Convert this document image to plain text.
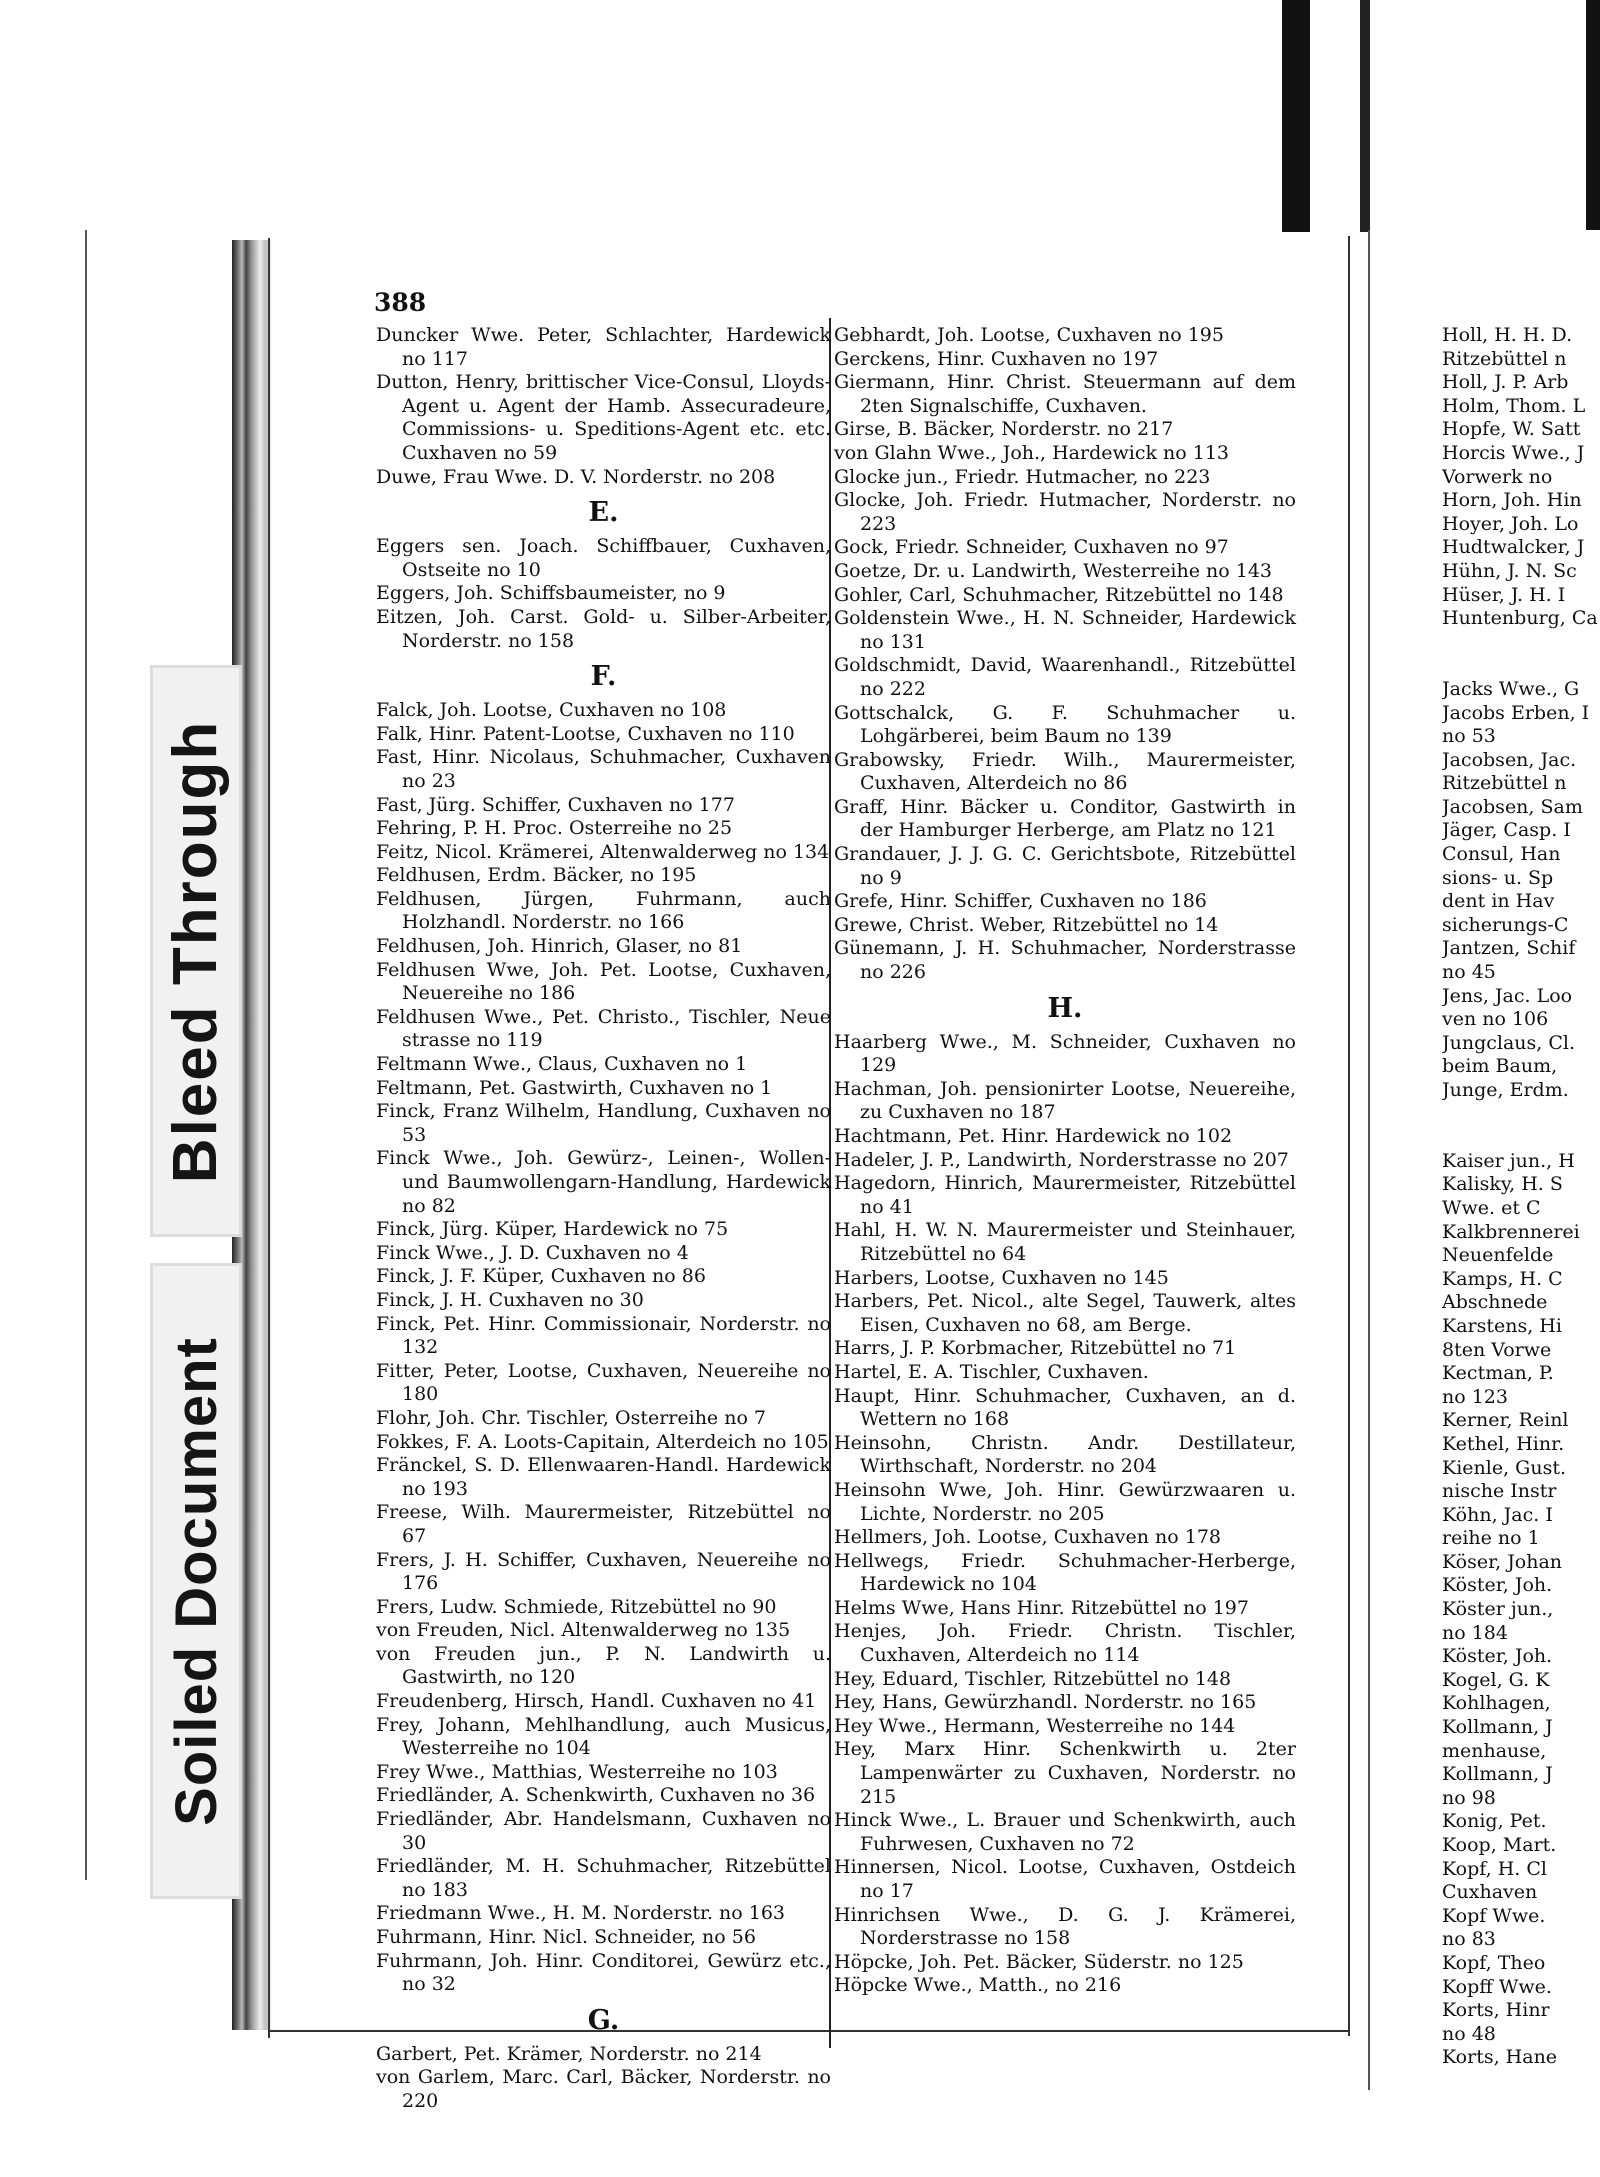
Bleed Through
Soiled Document
388
Duncker Wwe. Peter, Schlachter, Hardewick no 117
Dutton, Henry, brittischer Vice-Consul, Lloyds-Agent u. Agent der Hamb. Assecuradeure, Commissions- u. Speditions-Agent etc. etc. Cuxhaven no 59
Duwe, Frau Wwe. D. V. Norderstr. no 208
E.
Eggers sen. Joach. Schiffbauer, Cuxhaven, Ostseite no 10
Eggers, Joh. Schiffsbaumeister, no 9
Eitzen, Joh. Carst. Gold- u. Silber-Arbeiter, Norderstr. no 158
F.
Falck, Joh. Lootse, Cuxhaven no 108
Falk, Hinr. Patent-Lootse, Cuxhaven no 110
Fast, Hinr. Nicolaus, Schuhmacher, Cuxhaven no 23
Fast, Jürg. Schiffer, Cuxhaven no 177
Fehring, P. H. Proc. Osterreihe no 25
Feitz, Nicol. Krämerei, Altenwalderweg no 134
Feldhusen, Erdm. Bäcker, no 195
Feldhusen, Jürgen, Fuhrmann, auch Holzhandl. Norderstr. no 166
Feldhusen, Joh. Hinrich, Glaser, no 81
Feldhusen Wwe, Joh. Pet. Lootse, Cuxhaven, Neuereihe no 186
Feldhusen Wwe., Pet. Christo., Tischler, Neue strasse no 119
Feltmann Wwe., Claus, Cuxhaven no 1
Feltmann, Pet. Gastwirth, Cuxhaven no 1
Finck, Franz Wilhelm, Handlung, Cuxhaven no 53
Finck Wwe., Joh. Gewürz-, Leinen-, Wollen- und Baumwollengarn-Handlung, Hardewick no 82
Finck, Jürg. Küper, Hardewick no 75
Finck Wwe., J. D. Cuxhaven no 4
Finck, J. F. Küper, Cuxhaven no 86
Finck, J. H. Cuxhaven no 30
Finck, Pet. Hinr. Commissionair, Norderstr. no 132
Fitter, Peter, Lootse, Cuxhaven, Neuereihe no 180
Flohr, Joh. Chr. Tischler, Osterreihe no 7
Fokkes, F. A. Loots-Capitain, Alterdeich no 105
Fränckel, S. D. Ellenwaaren-Handl. Hardewick no 193
Freese, Wilh. Maurermeister, Ritzebüttel no 67
Frers, J. H. Schiffer, Cuxhaven, Neuereihe no 176
Frers, Ludw. Schmiede, Ritzebüttel no 90
von Freuden, Nicl. Altenwalderweg no 135
von Freuden jun., P. N. Landwirth u. Gastwirth, no 120
Freudenberg, Hirsch, Handl. Cuxhaven no 41
Frey, Johann, Mehlhandlung, auch Musicus, Westerreihe no 104
Frey Wwe., Matthias, Westerreihe no 103
Friedländer, A. Schenkwirth, Cuxhaven no 36
Friedländer, Abr. Handelsmann, Cuxhaven no 30
Friedländer, M. H. Schuhmacher, Ritzebüttel no 183
Friedmann Wwe., H. M. Norderstr. no 163
Fuhrmann, Hinr. Nicl. Schneider, no 56
Fuhrmann, Joh. Hinr. Conditorei, Gewürz etc., no 32
G.
Garbert, Pet. Krämer, Norderstr. no 214
von Garlem, Marc. Carl, Bäcker, Norderstr. no 220
Gebhardt, Joh. Lootse, Cuxhaven no 195
Gerckens, Hinr. Cuxhaven no 197
Giermann, Hinr. Christ. Steuermann auf dem 2ten Signalschiffe, Cuxhaven.
Girse, B. Bäcker, Norderstr. no 217
von Glahn Wwe., Joh., Hardewick no 113
Glocke jun., Friedr. Hutmacher, no 223
Glocke, Joh. Friedr. Hutmacher, Norderstr. no 223
Gock, Friedr. Schneider, Cuxhaven no 97
Goetze, Dr. u. Landwirth, Westerreihe no 143
Gohler, Carl, Schuhmacher, Ritzebüttel no 148
Goldenstein Wwe., H. N. Schneider, Hardewick no 131
Goldschmidt, David, Waarenhandl., Ritzebüttel no 222
Gottschalck, G. F. Schuhmacher u. Lohgärberei, beim Baum no 139
Grabowsky, Friedr. Wilh., Maurermeister, Cuxhaven, Alterdeich no 86
Graff, Hinr. Bäcker u. Conditor, Gastwirth in der Hamburger Herberge, am Platz no 121
Grandauer, J. J. G. C. Gerichtsbote, Ritzebüttel no 9
Grefe, Hinr. Schiffer, Cuxhaven no 186
Grewe, Christ. Weber, Ritzebüttel no 14
Günemann, J. H. Schuhmacher, Norderstrasse no 226
H.
Haarberg Wwe., M. Schneider, Cuxhaven no 129
Hachman, Joh. pensionirter Lootse, Neuereihe, zu Cuxhaven no 187
Hachtmann, Pet. Hinr. Hardewick no 102
Hadeler, J. P., Landwirth, Norderstrasse no 207
Hagedorn, Hinrich, Maurermeister, Ritzebüttel no 41
Hahl, H. W. N. Maurermeister und Steinhauer, Ritzebüttel no 64
Harbers, Lootse, Cuxhaven no 145
Harbers, Pet. Nicol., alte Segel, Tauwerk, altes Eisen, Cuxhaven no 68, am Berge.
Harrs, J. P. Korbmacher, Ritzebüttel no 71
Hartel, E. A. Tischler, Cuxhaven.
Haupt, Hinr. Schuhmacher, Cuxhaven, an d. Wettern no 168
Heinsohn, Christn. Andr. Destillateur, Wirthschaft, Norderstr. no 204
Heinsohn Wwe, Joh. Hinr. Gewürzwaaren u. Lichte, Norderstr. no 205
Hellmers, Joh. Lootse, Cuxhaven no 178
Hellwegs, Friedr. Schuhmacher-Herberge, Hardewick no 104
Helms Wwe, Hans Hinr. Ritzebüttel no 197
Henjes, Joh. Friedr. Christn. Tischler, Cuxhaven, Alterdeich no 114
Hey, Eduard, Tischler, Ritzebüttel no 148
Hey, Hans, Gewürzhandl. Norderstr. no 165
Hey Wwe., Hermann, Westerreihe no 144
Hey, Marx Hinr. Schenkwirth u. 2ter Lampenwärter zu Cuxhaven, Norderstr. no 215
Hinck Wwe., L. Brauer und Schenkwirth, auch Fuhrwesen, Cuxhaven no 72
Hinnersen, Nicol. Lootse, Cuxhaven, Ostdeich no 17
Hinrichsen Wwe., D. G. J. Krämerei, Norderstrasse no 158
Höpcke, Joh. Pet. Bäcker, Süderstr. no 125
Höpcke Wwe., Matth., no 216
Holl, H. H. D.
Ritzebüttel n
Holl, J. P. Arb
Holm, Thom. L
Hopfe, W. Satt
Horcis Wwe., J
Vorwerk no
Horn, Joh. Hin
Hoyer, Joh. Lo
Hudtwalcker, J
Hühn, J. N. Sc
Hüser, J. H. I
Huntenburg, Ca
Jacks Wwe., G
Jacobs Erben, I
no 53
Jacobsen, Jac.
Ritzebüttel n
Jacobsen, Sam
Jäger, Casp. I
Consul, Han
sions- u. Sp
dent in Hav
sicherungs-C
Jantzen, Schif
no 45
Jens, Jac. Loo
ven no 106
Jungclaus, Cl.
beim Baum,
Junge, Erdm.
Kaiser jun., H
Kalisky, H. S
Wwe. et C
Kalkbrennerei
Neuenfelde
Kamps, H. C
Abschnede
Karstens, Hi
8ten Vorwe
Kectman, P.
no 123
Kerner, Reinl
Kethel, Hinr.
Kienle, Gust.
nische Instr
Köhn, Jac. I
reihe no 1
Köser, Johan
Köster, Joh.
Köster jun.,
no 184
Köster, Joh.
Kogel, G. K
Kohlhagen,
Kollmann, J
menhause,
Kollmann, J
no 98
Konig, Pet.
Koop, Mart.
Kopf, H. Cl
Cuxhaven
Kopf Wwe.
no 83
Kopf, Theo
Kopff Wwe.
Korts, Hinr
no 48
Korts, Hane
